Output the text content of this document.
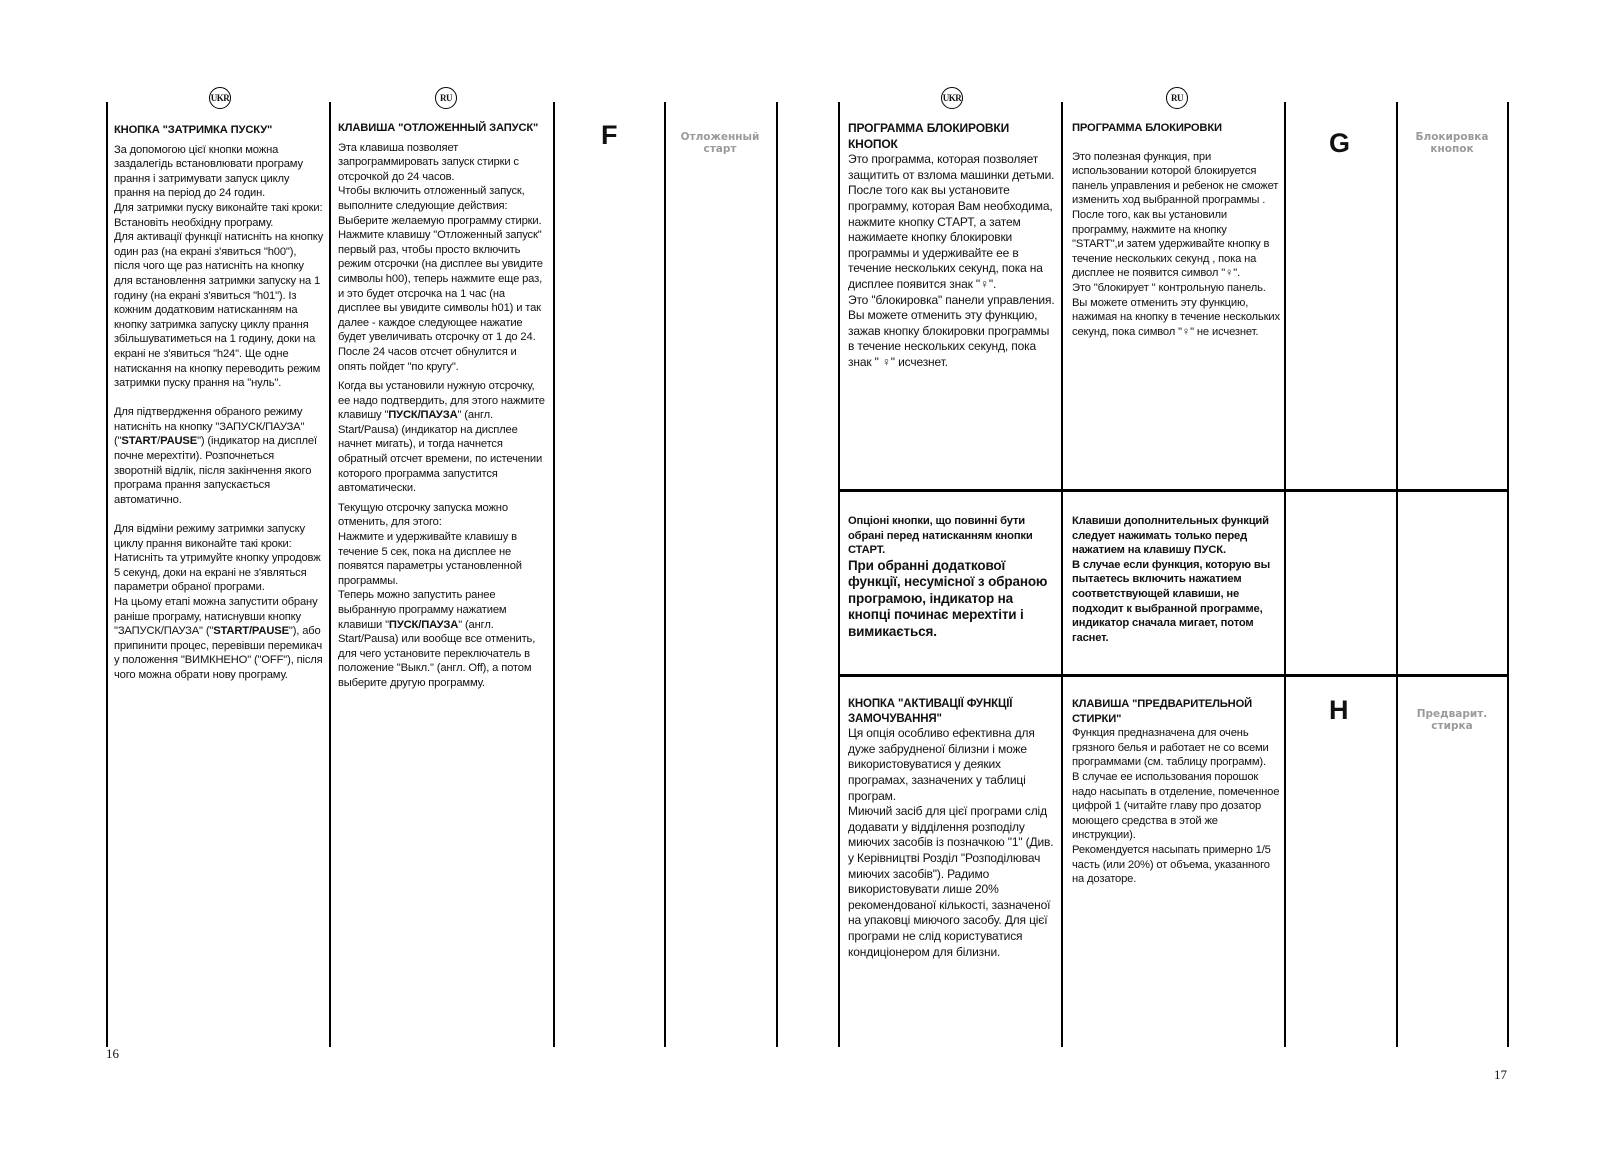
UKR	RU

КНОПКА "ЗАТРИМКА ПУСКУ"

За допомогою цієї кнопки можна заздалегідь встановлювати програму прання і затримувати запуск циклу прання на період до 24 годин.
Для затримки пуску виконайте такі кроки:
Встановіть необхідну програму.

Для активації функції натисніть на кнопку один раз (на екрані з'явиться "h00"), після чого ще раз натисніть на кнопку для встановлення затримки запуску на 1 годину (на екрані з'явиться "h01"). Із кожним додатковим натисканням на кнопку затримка запуску циклу прання збільшуватиметься на 1 годину, доки на екрані не з'явиться "h24". Ще одне натискання на кнопку переводить режим затримки пуску прання на "нуль".

Для підтвердження обраного режиму натисніть на кнопку "ЗАПУСК/ПАУЗА" ("START/PAUSE") (індикатор на дисплеї почне мерехтіти). Розпочнеться зворотній відлік, після закінчення якого програма прання запускається автоматично.

Для відміни режиму затримки запуску циклу прання виконайте такі кроки:
Натисніть та утримуйте кнопку упродовж 5 секунд, доки на екрані не з'являться параметри обраної програми.
На цьому етапі можна запустити обрану раніше програму, натиснувши кнопку "ЗАПУСК/ПАУЗА" ("START/PAUSE"), або припинити процес, перевівши перемикач у положення "ВИМКНЕНО" ("OFF"), після чого можна обрати нову програму.

КЛАВИША "ОТЛОЖЕННЫЙ ЗАПУСК"

Эта клавиша позволяет запрограммировать запуск стирки с отсрочкой до 24 часов.
Чтобы включить отложенный запуск, выполните следующие действия:
Выберите желаемую программу стирки.

Нажмите клавишу "Отложенный запуск" первый раз, чтобы просто включить режим отсрочки (на дисплее вы увидите символы h00), теперь нажмите еще раз, и это будет отсрочка на 1 час (на дисплее вы увидите символы h01) и так далее - каждое следующее нажатие будет увеличивать отсрочку от 1 до 24. После 24 часов отсчет обнулится и опять пойдет "по кругу".

Когда вы установили нужную отсрочку, ее надо подтвердить, для этого нажмите клавишу "ПУСК/ПАУЗА" (англ. Start/Pausa) (индикатор на дисплее начнет мигать), и тогда начнется обратный отсчет времени, по истечении которого программа запустится автоматически.

Текущую отсрочку запуска можно отменить, для этого:
Нажмите и удерживайте клавишу в течение 5 сек, пока на дисплее не появятся параметры установленной программы.
Теперь можно запустить ранее выбранную программу нажатием клавиши "ПУСК/ПАУЗА" (англ. Start/Pausa) или вообще все отменить, для чего установите переключатель в положение "Выкл." (англ. Off), а потом выберите другую программу.
F	Отложенный старт
16
UKR	RU
ПРОГРАММА БЛОКИРОВКИ КНОПОК
Это программа, которая позволяет защитить от взлома машинки детьми.
После того как вы установите программу, которая Вам необходима, нажмите кнопку СТАРТ, а затем нажимаете кнопку блокировки программы и удерживайте ее в течение нескольких секунд, пока на дисплее появится знак "♀".
Это "блокировка" панели управления.
Вы можете отменить эту функцию, зажав кнопку блокировки программы в течение нескольких секунд, пока знак " ♀" исчезнет.

ПРОГРАММА БЛОКИРОВКИ

Это полезная функция, при использовании которой блокируется панель управления и ребенок не сможет изменить ход выбранной программы .
После того, как вы установили программу, нажмите на кнопку "START",и затем удерживайте кнопку в течение нескольких секунд , пока на дисплее не появится символ "♀".
Это "блокирует " контрольную панель.
Вы можете отменить эту функцию, нажимая на кнопку в течение нескольких секунд, пока символ "♀" не исчезнет.
G	Блокировка кнопок
Опціоні кнопки, що повинні бути обрані перед натисканням кнопки СТАРТ.
При обранні додаткової функції, несумісної з обраною програмою, індикатор на кнопці починає мерехтіти і вимикається.
Клавиши дополнительных функций следует нажимать только перед нажатием на клавишу ПУСК.
В случае если функция, которую вы пытаетесь включить нажатием соответствующей клавиши, не подходит к выбранной программе, индикатор сначала мигает, потом гаснет.
КНОПКА "АКТИВАЦІЇ ФУНКЦІЇ ЗАМОЧУВАННЯ"
Ця опція особливо ефективна для дуже забрудненої білизни і може використовуватися у деяких програмах, зазначених у таблиці програм.
Миючий засіб для цієї програми слід додавати у відділення розподілу миючих засобів із позначкою "1" (Див. у Керівництві Розділ "Розподілювач миючих засобів"). Радимо використовувати лише 20% рекомендованої кількості, зазначеної на упаковці миючого засобу. Для цієї програми не слід користуватися кондиціонером для білизни.
КЛАВИША "ПРЕДВАРИТЕЛЬНОЙ СТИРКИ"
Функция предназначена для очень грязного белья и работает не со всеми программами (см. таблицу программ).
В случае ее использования порошок надо насыпать в отделение, помеченное цифрой 1 (читайте главу про дозатор моющего средства в этой же инструкции).
Рекомендуется насыпать примерно 1/5 часть (или 20%) от объема, указанного на дозаторе.
H	Предварит. стирка
17
